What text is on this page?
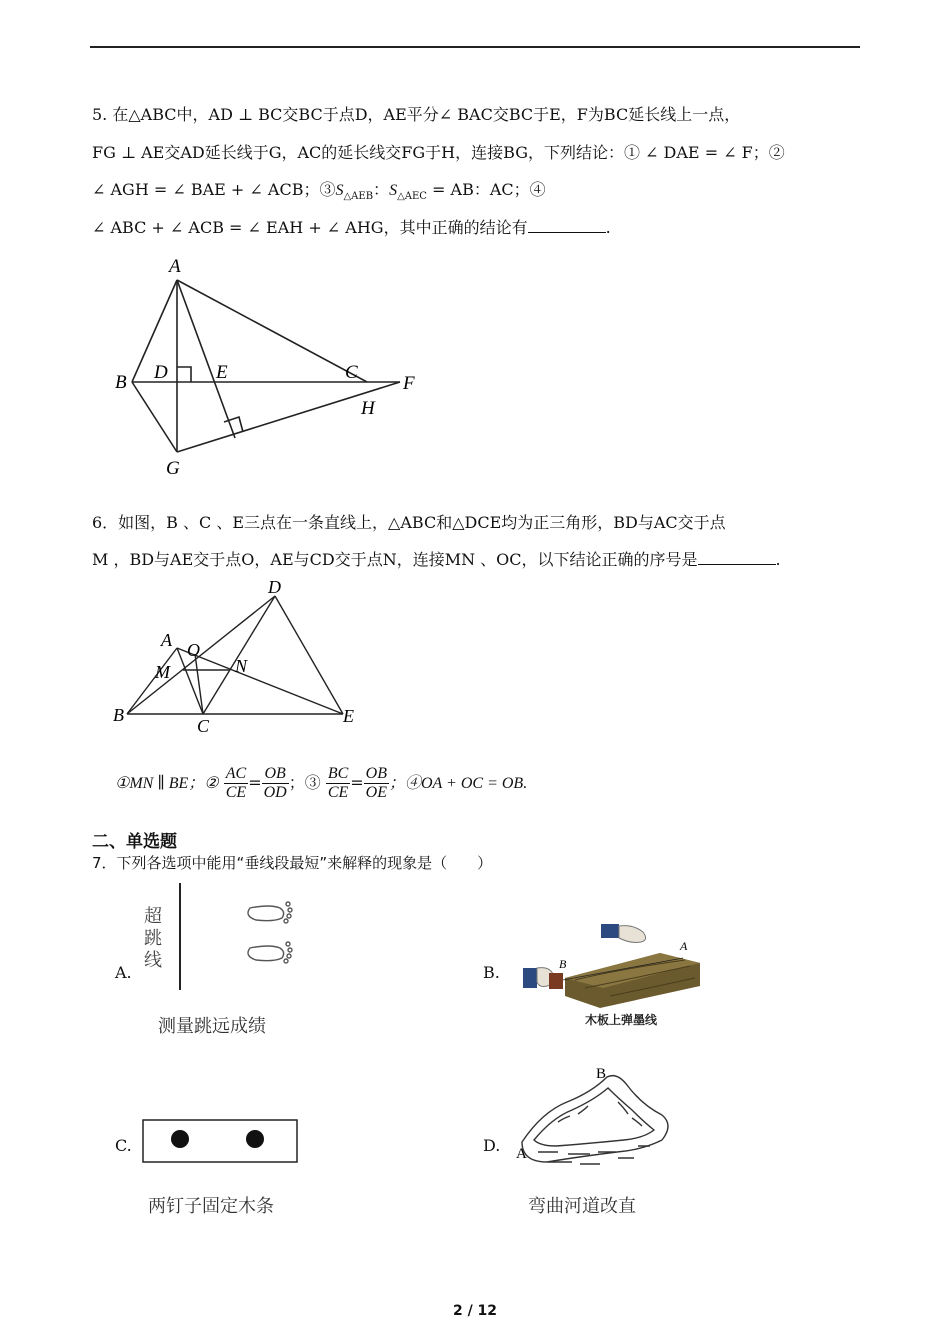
5. 在△ABC中，AD ⊥ BC交BC于点D，AE平分∠ BAC交BC于E，F为BC延长线上一点，
FG ⊥ AE交AD延长线于G，AC的延长线交FG于H，连接BG，下列结论：① ∠ DAE = ∠ F；②
∠ AGH = ∠ BAE + ∠ ACB；$③S_{\triangle AEB}$：$S_{\triangle AEC}$ = AB：AC；④
∠ ABC + ∠ ACB = ∠ EAH + ∠ AHG，其中正确的结论有	.
A
B D	E	C
F
H
G
6．如图，B 、C 、E三点在一条直线上，△ABC和△DCE均为正三角形，BD与AC交于点
M ，BD与AE交于点O，AE与CD交于点N，连接MN 、OC，以下结论正确的序号是	.
D
A O
M	N
B
C	E
①MN ∥ BE；② $\frac{AC}{CE} = \frac{OB}{OD}$ ；③ $\frac{BC}{CE} = \frac{OB}{OE}$ ；④OA + OC = OB.
二、单选题
7．下列各选项中能用“垂线段最短”来解释的现象是（　　）
A.
超
跳
线
测量跳远成绩
B.	B
A
木板上弹墨线
C.
两钉子固定木条
D.
B
A
弯曲河道改直
2 / 12
